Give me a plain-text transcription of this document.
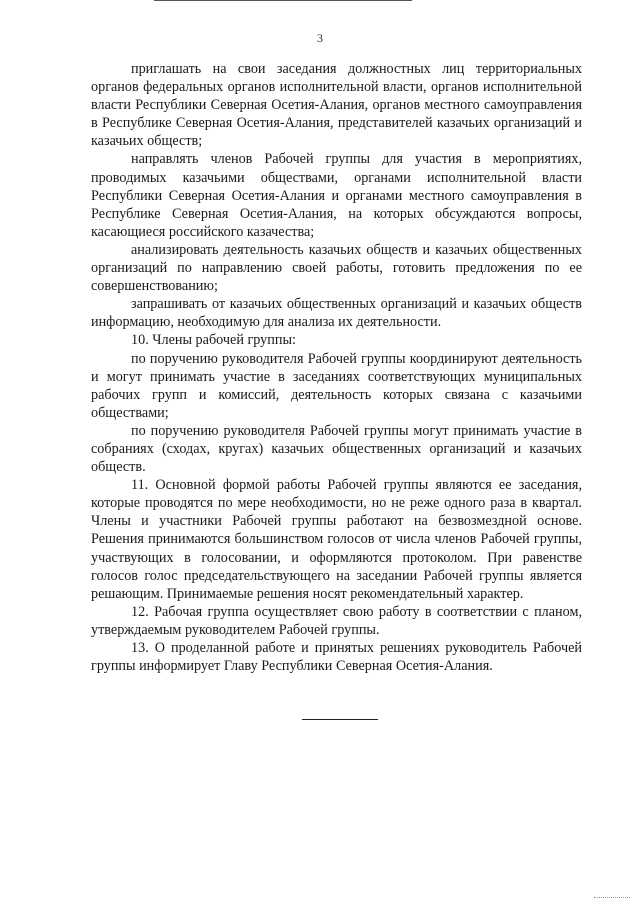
3

приглашать на свои заседания должностных лиц территориальных органов федеральных органов исполнительной власти, органов исполнительной власти Республики Северная Осетия-Алания, органов местного самоуправления в Республике Северная Осетия-Алания, представителей казачьих организаций и казачьих обществ;

направлять членов Рабочей группы для участия в мероприятиях, проводимых казачьими обществами, органами исполнительной власти Республики Северная Осетия-Алания и органами местного самоуправления в Республике Северная Осетия-Алания, на которых обсуждаются вопросы, касающиеся российского казачества;

анализировать деятельность казачьих обществ и казачьих общественных организаций по направлению своей работы, готовить предложения по ее совершенствованию;

запрашивать от казачьих общественных организаций и казачьих обществ информацию, необходимую для анализа их деятельности.

10. Члены рабочей группы:

по поручению руководителя Рабочей группы координируют деятельность и могут принимать участие в заседаниях соответствующих муниципальных рабочих групп и комиссий, деятельность которых связана с казачьими обществами;

по поручению руководителя Рабочей группы могут принимать участие в собраниях (сходах, кругах) казачьих общественных организаций и казачьих обществ.

11. Основной формой работы Рабочей группы являются ее заседания, которые проводятся по мере необходимости, но не реже одного раза в квартал. Члены и участники Рабочей группы работают на безвозмездной основе. Решения принимаются большинством голосов от числа членов Рабочей группы, участвующих в голосовании, и оформляются протоколом. При равенстве голосов голос председательствующего на заседании Рабочей группы является решающим. Принимаемые решения носят рекомендательный характер.

12. Рабочая группа осуществляет свою работу в соответствии с планом, утверждаемым руководителем Рабочей группы.

13. О проделанной работе и принятых решениях руководитель Рабочей группы информирует Главу Республики Северная Осетия-Алания.
